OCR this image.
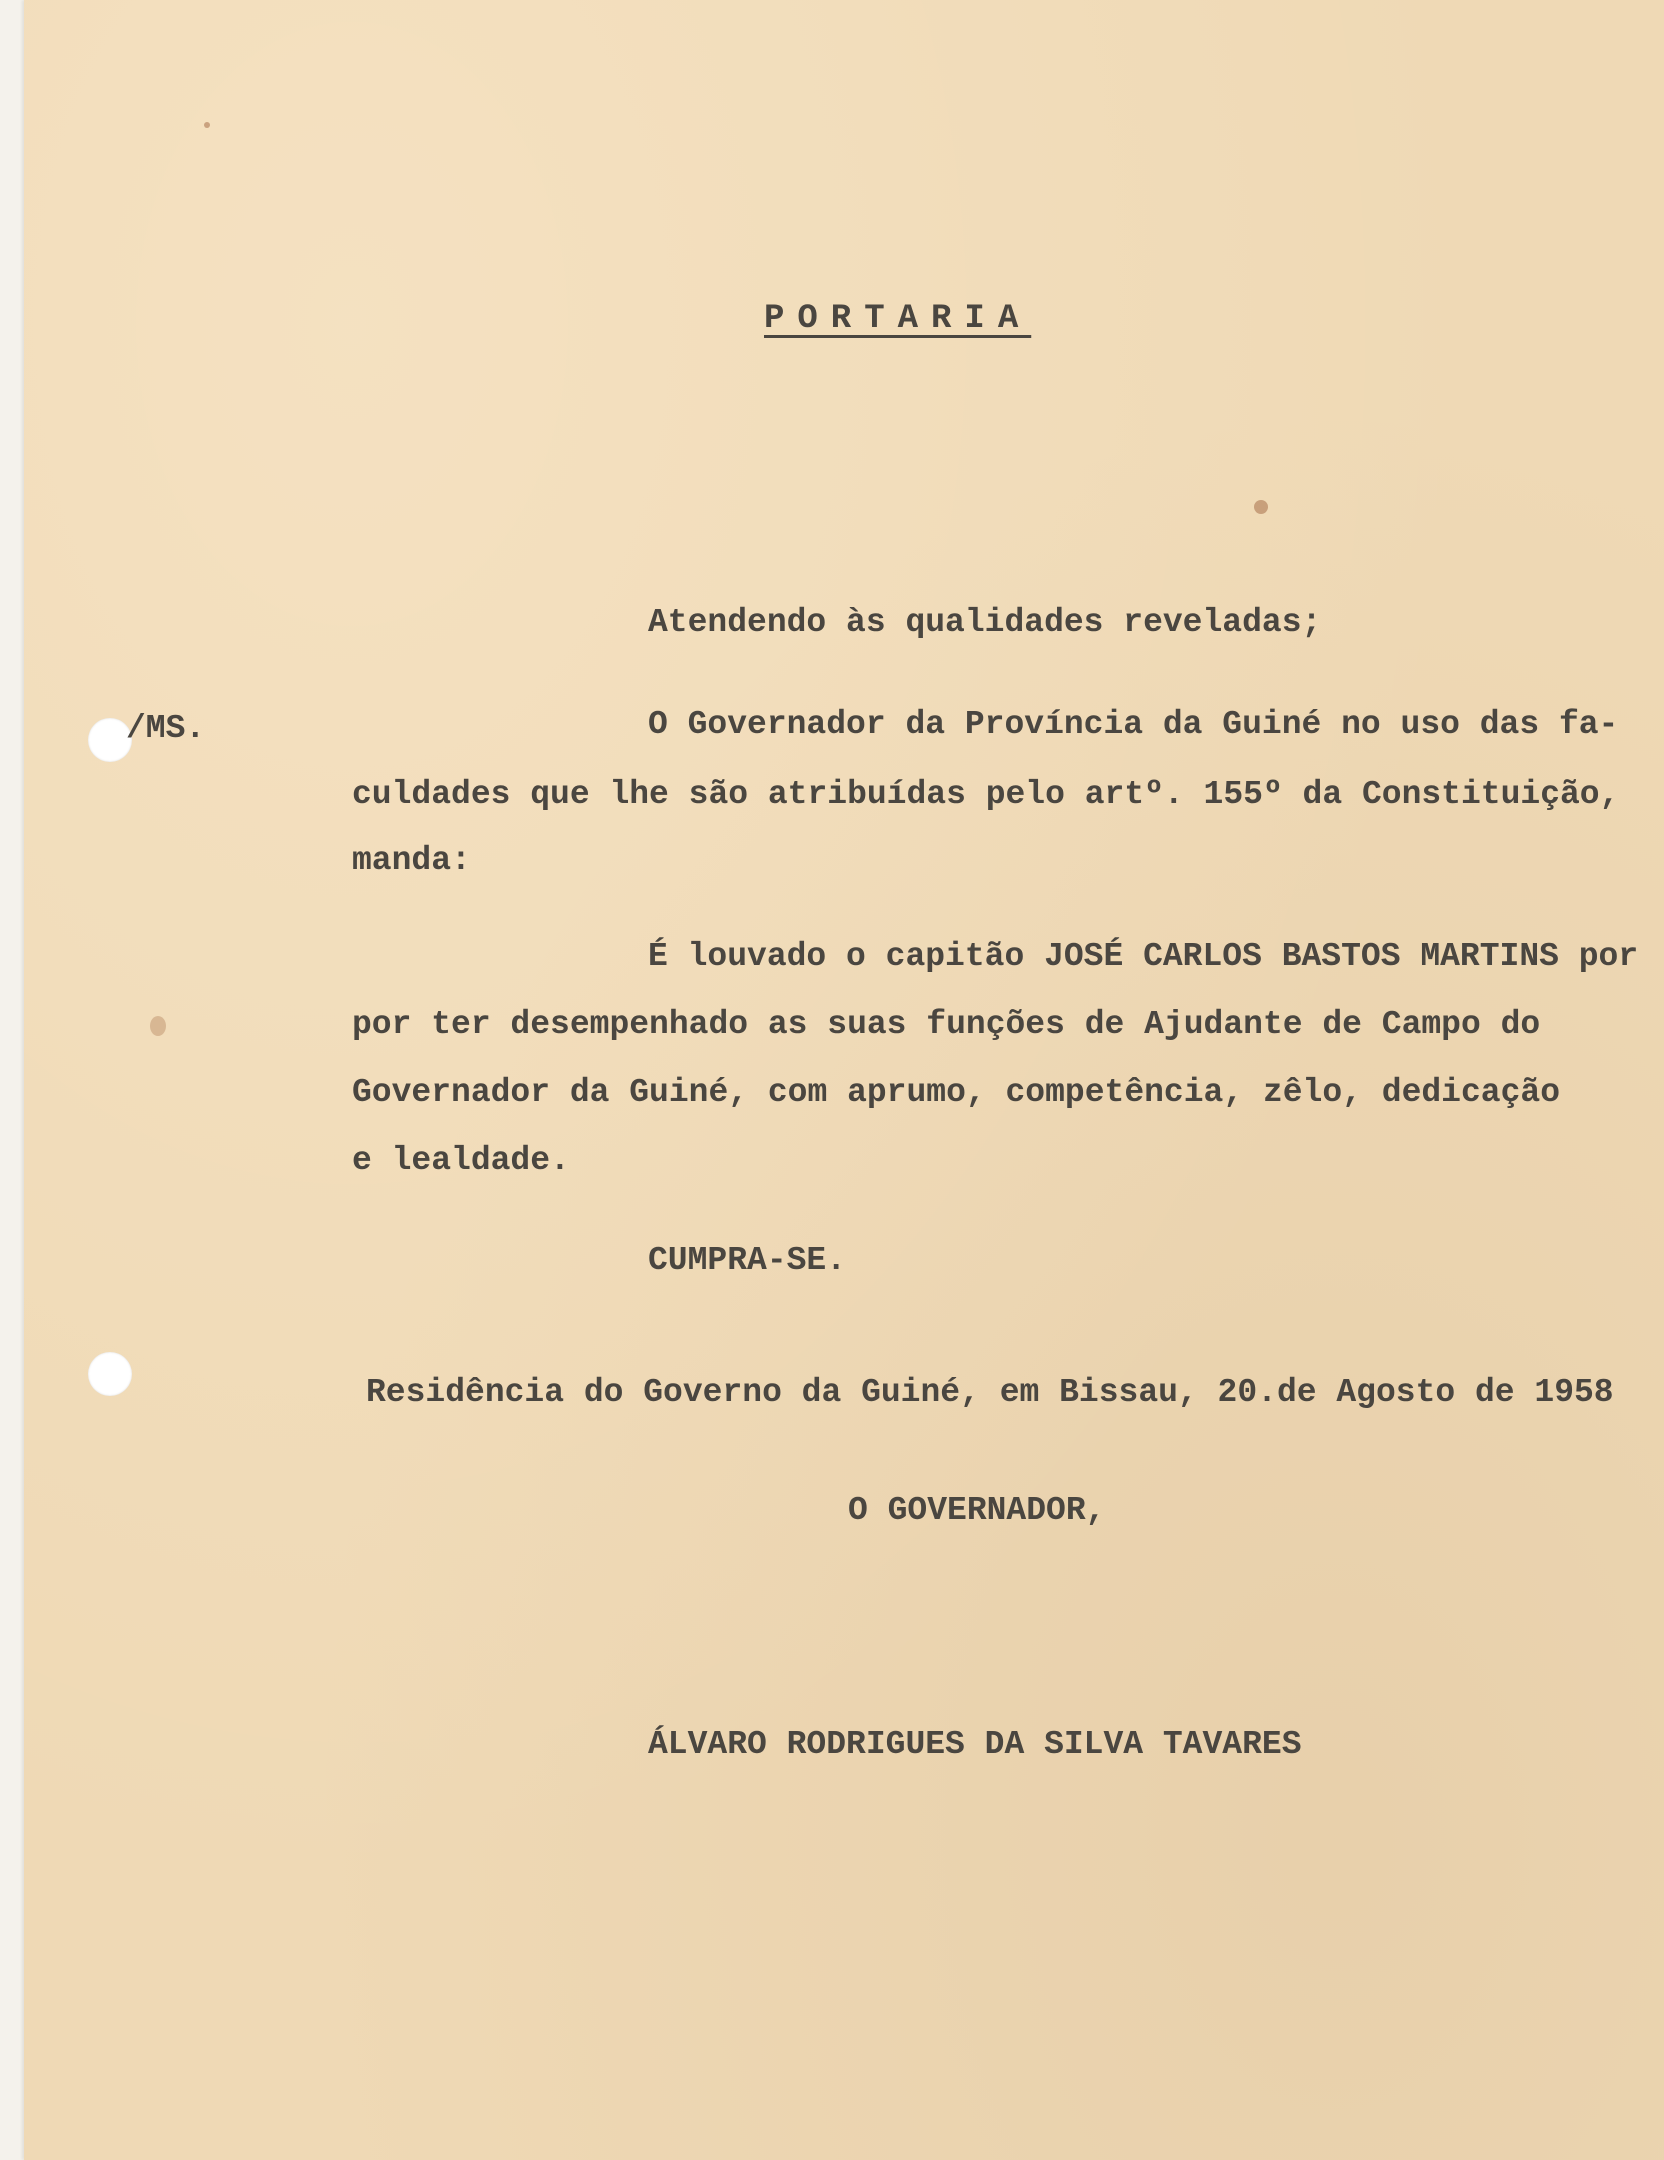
PORTARIA

/MS.

Atendendo às qualidades reveladas;

O Governador da Província da Guiné no uso das fa-

culdades que lhe são atribuídas pelo artº. 155º da Constituição,

manda:

É louvado o capitão JOSÉ CARLOS BASTOS MARTINS por

por ter desempenhado as suas funções de Ajudante de Campo do

Governador da Guiné, com aprumo, competência, zêlo, dedicação

e lealdade.

CUMPRA-SE.

Residência do Governo da Guiné, em Bissau, 20.de Agosto de 1958

O GOVERNADOR,

ÁLVARO RODRIGUES DA SILVA TAVARES
